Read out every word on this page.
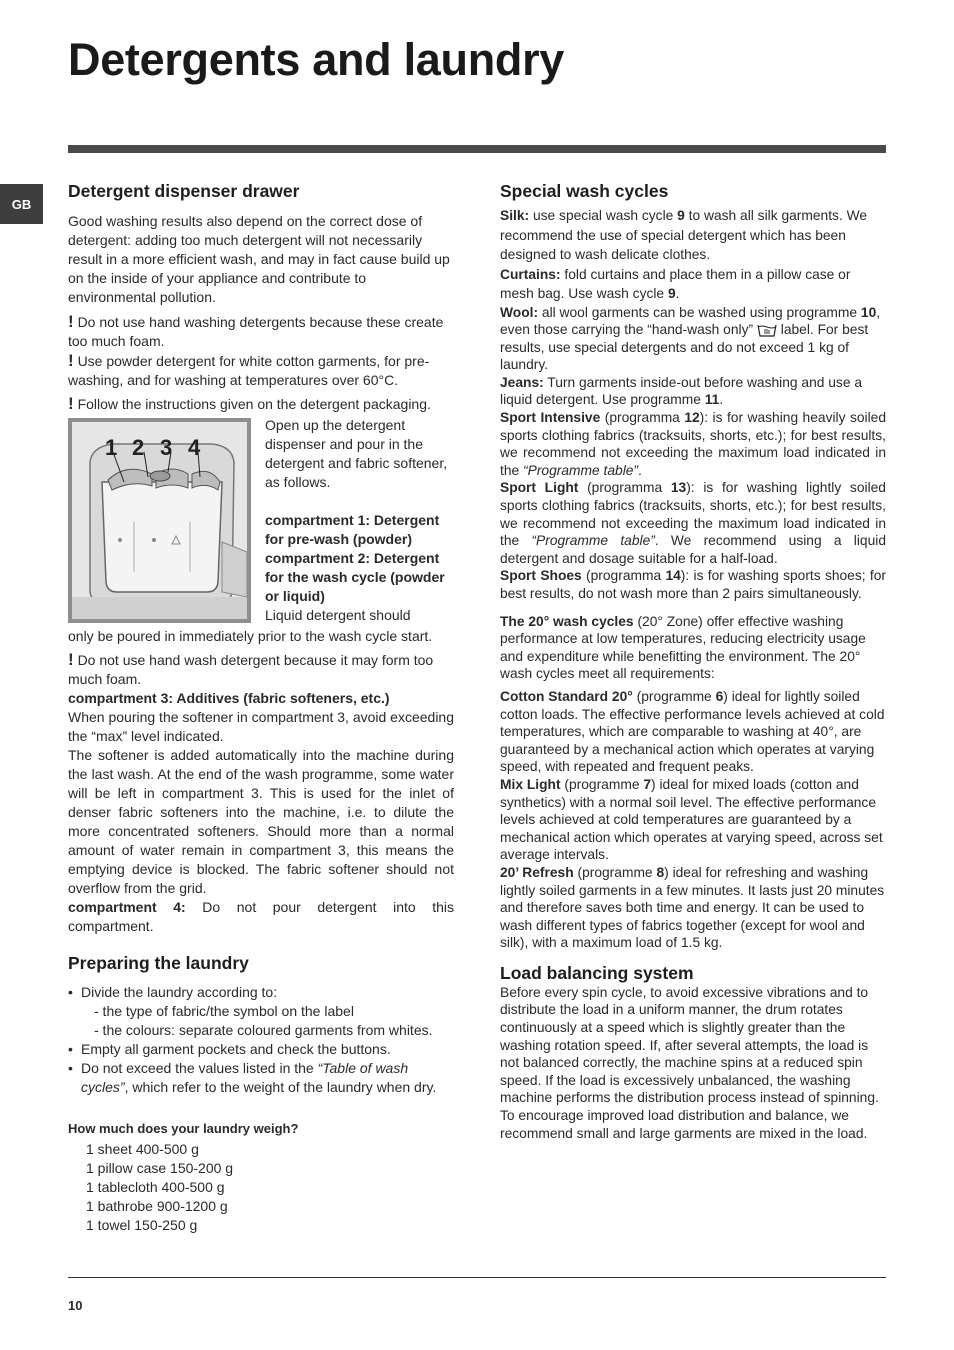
Detergents and laundry
GB
Detergent dispenser drawer

Good washing results also depend on the correct dose of detergent: adding too much detergent will not necessarily result in a more efficient wash, and may in fact cause build up on the inside of your appliance and contribute to environmental pollution.

! Do not use hand washing detergents because these create too much foam.

! Use powder detergent for white cotton garments, for pre-washing, and for washing at temperatures over 60°C.

! Follow the instructions given on the detergent packaging.

1 2 3 4

Open up the detergent dispenser and pour in the detergent and fabric softener, as follows.

compartment 1: Detergent for pre-wash (powder)

compartment 2: Detergent for the wash cycle (powder or liquid)

Liquid detergent should

only be poured in immediately prior to the wash cycle start.

! Do not use hand wash detergent because it may form too much foam.

compartment 3: Additives (fabric softeners, etc.)

When pouring the softener in compartment 3, avoid exceeding the “max” level indicated.

The softener is added automatically into the machine during the last wash. At the end of the wash programme, some water will be left in compartment 3. This is used for the inlet of denser fabric softeners into the machine, i.e. to dilute the more concentrated softeners. Should more than a normal amount of water remain in compartment 3, this means the emptying device is blocked. The fabric softener should not overflow from the grid.

compartment 4: Do not pour detergent into this compartment.

Preparing the laundry
• Divide the laundry according to:
- the type of fabric/the symbol on the label
- the colours: separate coloured garments from whites.
• Empty all garment pockets and check the buttons.
• Do not exceed the values listed in the “Table of wash cycles”, which refer to the weight of the laundry when dry.

How much does your laundry weigh?

1 sheet 400-500 g
1 pillow case 150-200 g
1 tablecloth 400-500 g
1 bathrobe 900-1200 g
1 towel 150-250 g
Special wash cycles

Silk: use special wash cycle 9 to wash all silk garments. We recommend the use of special detergent which has been designed to wash delicate clothes.

Curtains: fold curtains and place them in a pillow case or mesh bag. Use wash cycle 9.

Wool: all wool garments can be washed using programme 10, even those carrying the “hand-wash only”  label. For best results, use special detergents and do not exceed 1 kg of laundry.

Jeans: Turn garments inside-out before washing and use a liquid detergent. Use programme 11.

Sport Intensive (programma 12): is for washing heavily soiled sports clothing fabrics (tracksuits, shorts, etc.); for best results, we recommend not exceeding the maximum load indicated in the “Programme table”.

Sport Light (programma 13): is for washing lightly soiled sports clothing fabrics (tracksuits, shorts, etc.); for best results, we recommend not exceeding the maximum load indicated in the “Programme table”. We recommend using a liquid detergent and dosage suitable for a half-load.

Sport Shoes (programma 14): is for washing sports shoes; for best results, do not wash more than 2 pairs simultaneously.

The 20° wash cycles (20° Zone) offer effective washing performance at low temperatures, reducing electricity usage and expenditure while benefitting the environment. The 20° wash cycles meet all requirements:

Cotton Standard 20° (programme 6) ideal for lightly soiled cotton loads. The effective performance levels achieved at cold temperatures, which are comparable to washing at 40°, are guaranteed by a mechanical action which operates at varying speed, with repeated and frequent peaks.

Mix Light (programme 7) ideal for mixed loads (cotton and synthetics) with a normal soil level. The effective performance levels achieved at cold temperatures are guaranteed by a mechanical action which operates at varying speed, across set average intervals.

20’ Refresh (programme 8) ideal for refreshing and washing lightly soiled garments in a few minutes. It lasts just 20 minutes and therefore saves both time and energy. It can be used to wash different types of fabrics together (except for wool and silk), with a maximum load of 1.5 kg.

Load balancing system

Before every spin cycle, to avoid excessive vibrations and to distribute the load in a uniform manner, the drum rotates continuously at a speed which is slightly greater than the washing rotation speed. If, after several attempts, the load is not balanced correctly, the machine spins at a reduced spin speed. If the load is excessively unbalanced, the washing machine performs the distribution process instead of spinning. To encourage improved load distribution and balance, we recommend small and large garments are mixed in the load.

10
